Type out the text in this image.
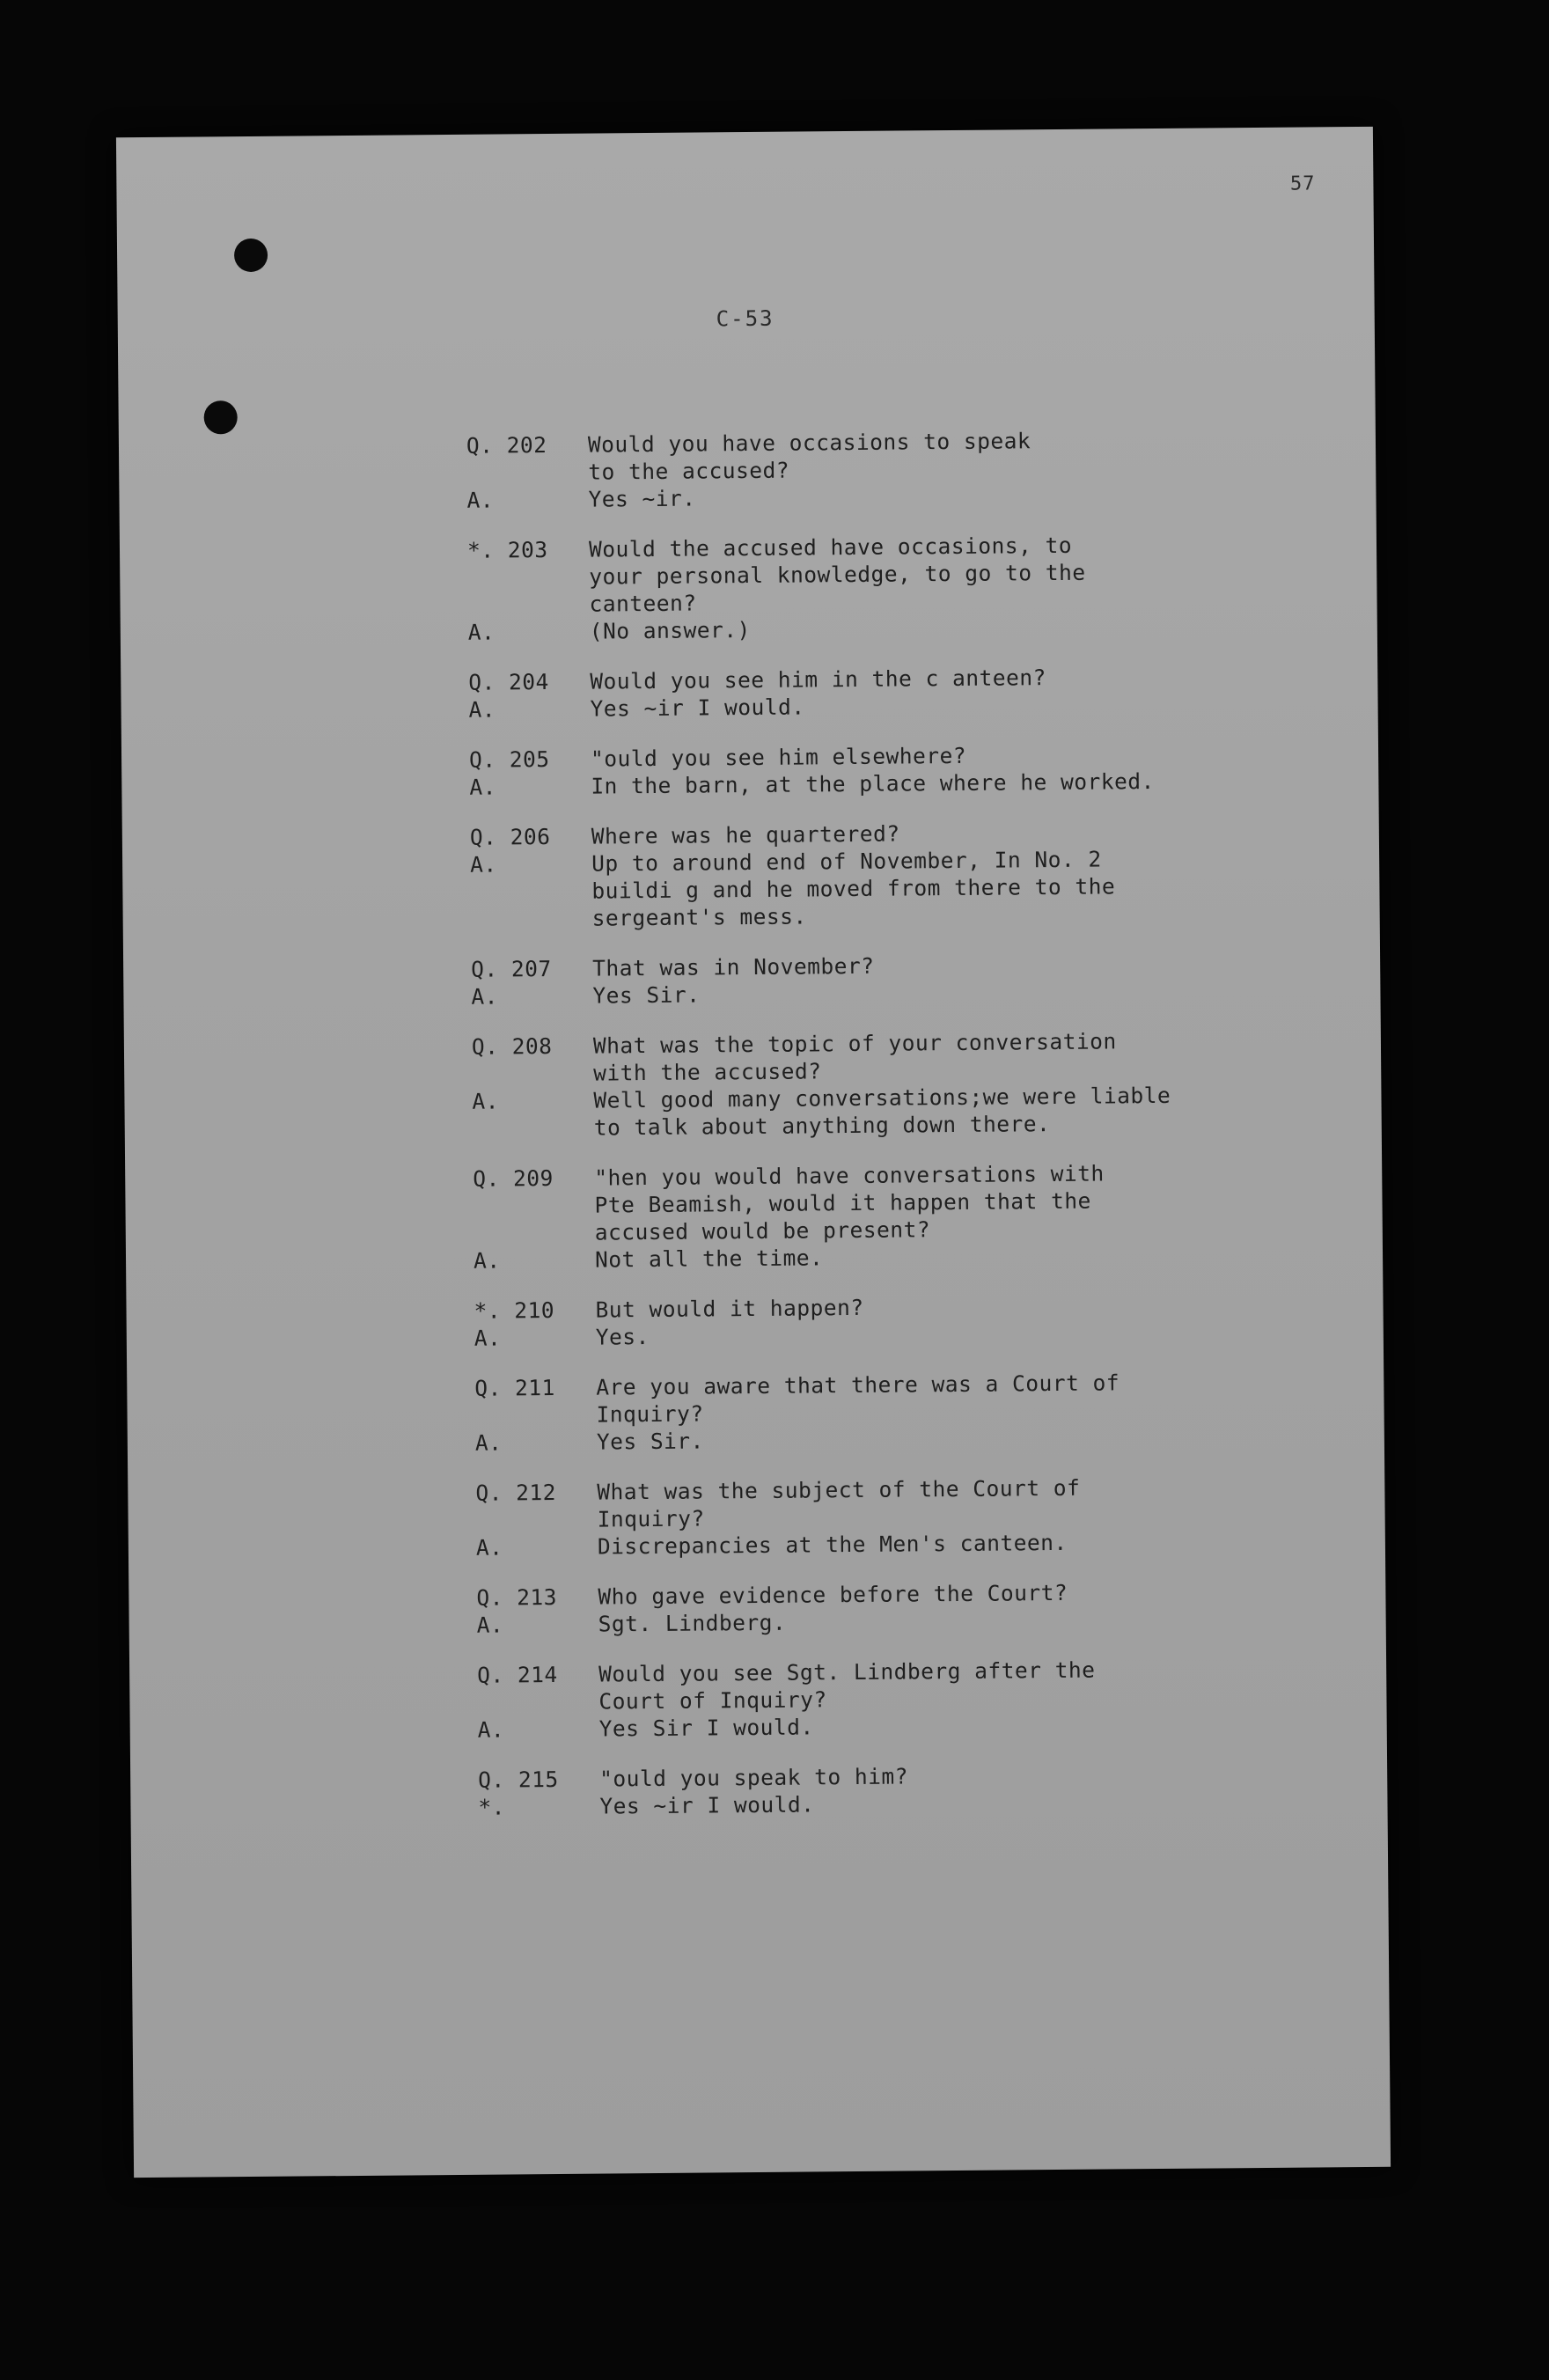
57
C-53
Q. 202	Would you have occasions to speak
to the accused?
A.	Yes ~ir.
*. 203	Would the accused have occasions, to
your personal knowledge, to go to the
canteen?
A.	(No answer.)
Q. 204	Would you see him in the c anteen?
A.	Yes ~ir I would.
Q. 205	"ould you see him elsewhere?
A.	In the barn, at the place where he worked.
Q. 206	Where was he quartered?
A.	Up to around end of November, In No. 2
buildi g and he moved from there to the
sergeant's mess.
Q. 207	That was in November?
A.	Yes Sir.
Q. 208	What was the topic of your conversation
with the accused?
A.	Well good many conversations;we were liable
to talk about anything down there.
Q. 209	"hen you would have conversations with
Pte Beamish, would it happen that the
accused would be present?
A.	Not all the time.
*. 210	But would it happen?
A.	Yes.
Q. 211	Are you aware that there was a Court of
Inquiry?
A.	Yes Sir.
Q. 212	What was the subject of the Court of
Inquiry?
A.	Discrepancies at the Men's canteen.
Q. 213	Who gave evidence before the Court?
A.	Sgt. Lindberg.
Q. 214	Would you see Sgt. Lindberg after the
Court of Inquiry?
A.	Yes Sir I would.
Q. 215	"ould you speak to him?
*.	Yes ~ir I would.
